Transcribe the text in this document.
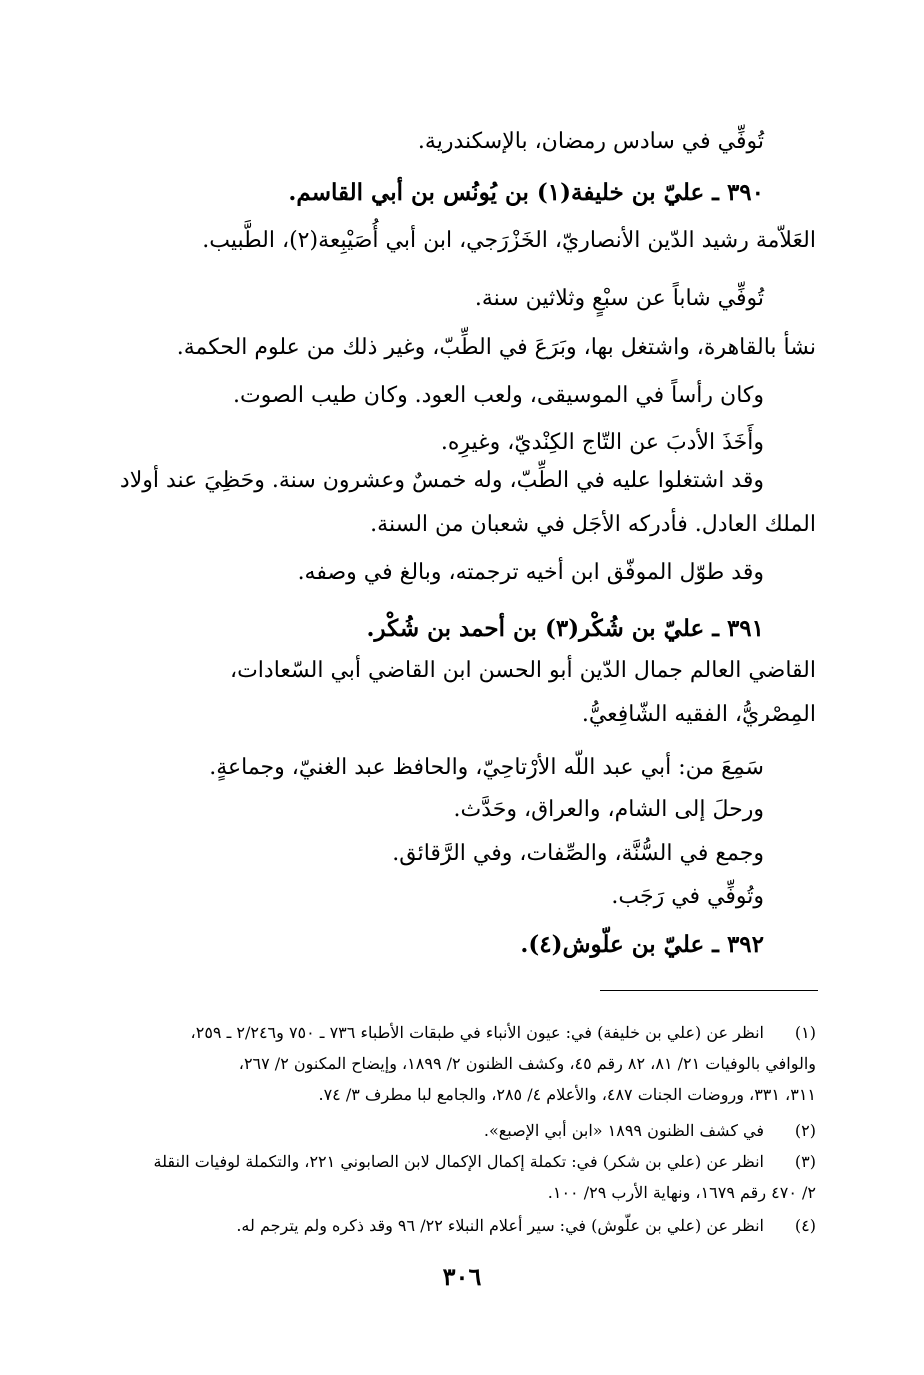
تُوفِّي في سادس رمضان، بالإسكندرية.
٣٩٠ ـ عليّ بن خليفة(١) بن يُونُس بن أبي القاسم.
العَلاّمة رشيد الدّين الأنصاريّ، الخَزْرَجي، ابن أبي أُصَيْبِعة(٢)، الطَّبيب.
تُوفِّي شاباً عن سبْعٍ وثلاثين سنة.
نشأ بالقاهرة، واشتغل بها، وبَرَعَ في الطِّبّ، وغير ذلك من علوم الحكمة.
وكان رأساً في الموسيقى، ولعب العود. وكان طيب الصوت.
وأَخَذَ الأدبَ عن التّاج الكِنْديّ، وغيرِه.
وقد اشتغلوا عليه في الطِّبّ، وله خمسٌ وعشرون سنة. وحَظِيَ عند أولاد
الملك العادل. فأدركه الأجَل في شعبان من السنة.
وقد طوّل الموفّق ابن أخيه ترجمته، وبالغ في وصفه.
٣٩١ ـ عليّ بن شُكْر(٣) بن أحمد بن شُكْر.
القاضي العالم جمال الدّين أبو الحسن ابن القاضي أبي السّعادات،
المِصْريُّ، الفقيه الشّافِعيُّ.
سَمِعَ من: أبي عبد اللّه الأرْتاحِيّ، والحافظ عبد الغنيّ، وجماعةٍ.
ورحلَ إلى الشام، والعراق، وحَدَّث.
وجمع في السُّنَّة، والصِّفات، وفي الرَّقائق.
وتُوفِّي في رَجَب.
٣٩٢ ـ عليّ بن علّوش(٤).
(١)
انظر عن (علي بن خليفة) في: عيون الأنباء في طبقات الأطباء ٧٣٦ ـ ٧٥٠ و٢/٢٤٦ ـ ٢٥٩،
والوافي بالوفيات ٢١/ ٨١، ٨٢ رقم ٤٥، وكشف الظنون ٢/ ١٨٩٩، وإيضاح المكنون ٢/ ٢٦٧،
٣١١، ٣٣١، وروضات الجنات ٤٨٧، والأعلام ٤/ ٢٨٥، والجامع لبا مطرف ٣/ ٧٤.
(٢)
في كشف الظنون ١٨٩٩ «ابن أبي الإصبع».
(٣)
انظر عن (علي بن شكر) في: تكملة إكمال الإكمال لابن الصابوني ٢٢١، والتكملة لوفيات النقلة
٢/ ٤٧٠ رقم ١٦٧٩، ونهاية الأرب ٢٩/ ١٠٠.
(٤)
انظر عن (علي بن علّوش) في: سير أعلام النبلاء ٢٢/ ٩٦ وقد ذكره ولم يترجم له.
٣٠٦
